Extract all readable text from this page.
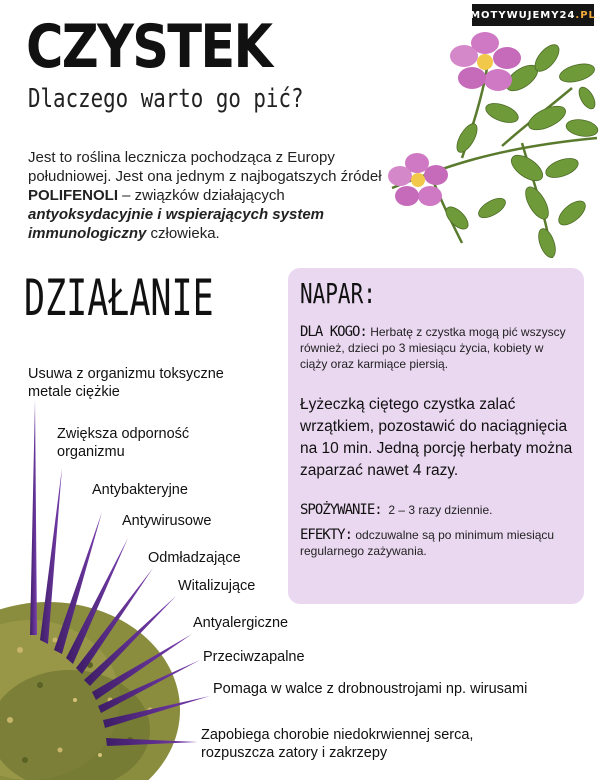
MOTYWUJEMY24 .PL
CZYSTEK
Dlaczego warto go pić?

Jest to roślina lecznicza pochodząca z Europy południowej. Jest ona jednym z najbogatszych źródeł POLIFENOLI – związków działających antyoksydacyjnie i wspierających system immunologiczny człowieka.

DZIAŁANIE	NAPAR:

DLA KOGO: Herbatę z czystka mogą pić wszyscy również, dzieci po 3 miesiącu życia, kobiety w ciąży oraz karmiące piersią.

Łyżeczką ciętego czystka zalać wrzątkiem, pozostawić do naciągnięcia na 10 min. Jedną porcję herbaty można zaparzać nawet 4 razy.

SPOŻYWANIE: 2 – 3 razy dziennie.

EFEKTY: odczuwalne są po minimum miesiącu regularnego zażywania.

Usuwa z organizmu toksyczne metale ciężkie

Zwiększa odporność organizmu

Antybakteryjne

Antywirusowe

Odmładzające

Witalizujące

Antyalergiczne

Przeciwzapalne

Pomaga w walce z drobnoustrojami np. wirusami

Zapobiega chorobie niedokrwiennej serca, rozpuszcza zatory i zakrzepy
